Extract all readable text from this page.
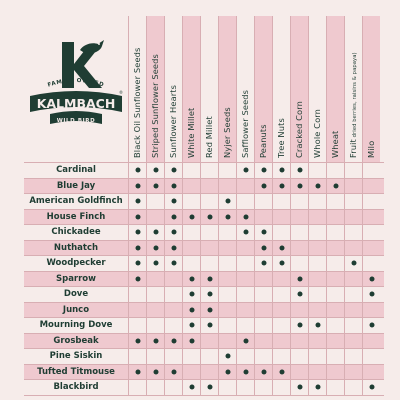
FAMILY OWNED
KALMBACH
®
WILD BIRD	Black Oil Sunflower Seeds Striped Sunflower Seeds Sunflower Hearts White Millet Red Millet Nyjer Seeds Safflower Seeds Peanuts Tree Nuts Cracked Corn Whole Corn Wheat Fruit dried berries, raisins & papaya)
Milo
Cardinal
Blue Jay
American Goldfinch
House Finch
Chickadee
Nuthatch
Woodpecker
Sparrow
Dove
Junco
Mourning Dove
Grosbeak
Pine Siskin
Tufted Titmouse
Blackbird
